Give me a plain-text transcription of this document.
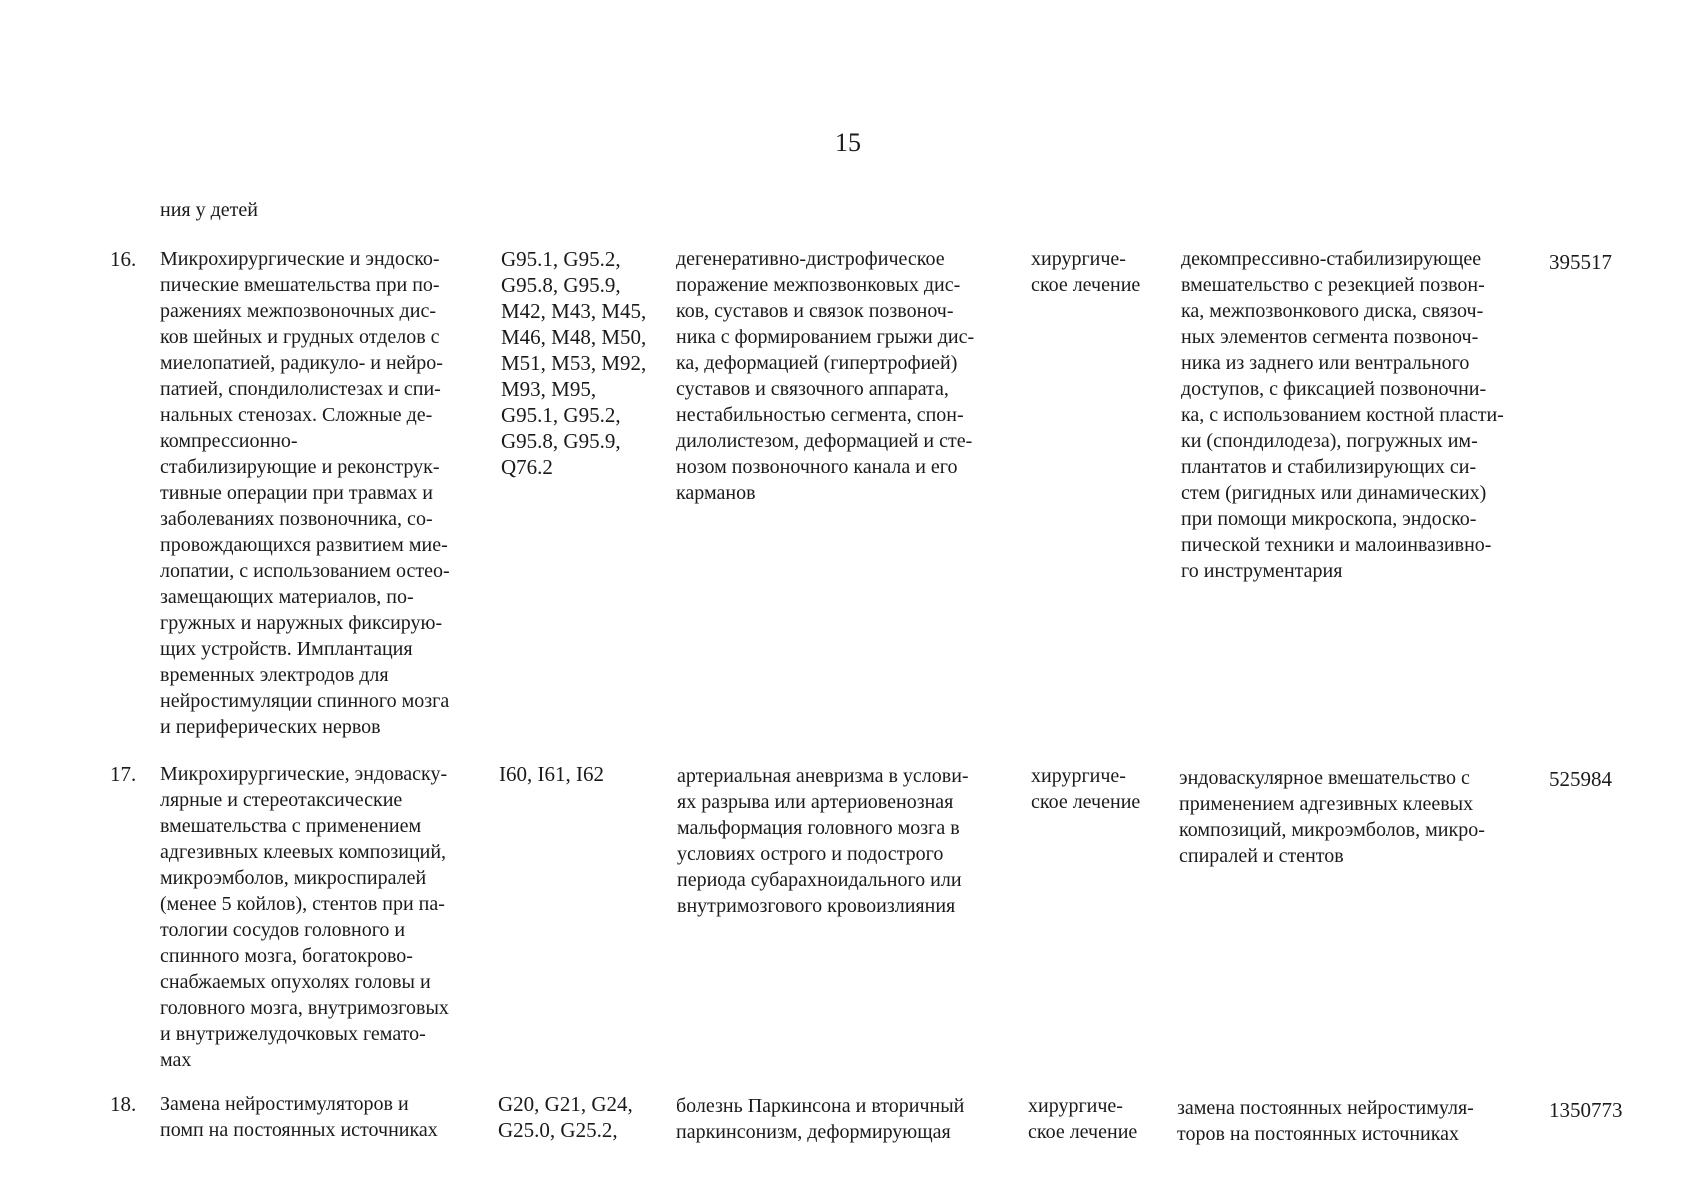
15
ния у детей
16. Микрохирургические и эндоско-
пические вмешательства при по-
ражениях межпозвоночных дис-
ков шейных и грудных отделов с
миелопатией, радикуло- и нейро-
патией, спондилолистезах и спи-
нальных стенозах. Сложные де-
компрессионно-
стабилизирующие и реконструк-
тивные операции при травмах и
заболеваниях позвоночника, со-
провождающихся развитием мие-
лопатии, с использованием остео-
замещающих материалов, по-
гружных и наружных фиксирую-
щих устройств. Имплантация
временных электродов для
нейростимуляции спинного мозга
и периферических нервов
G95.1, G95.2,
G95.8, G95.9,
M42, M43, M45,
M46, M48, M50,
M51, M53, M92,
M93, M95,
G95.1, G95.2,
G95.8, G95.9,
Q76.2
дегенеративно-дистрофическое
поражение межпозвонковых дис-
ков, суставов и связок позвоноч-
ника с формированием грыжи дис-
ка, деформацией (гипертрофией)
суставов и связочного аппарата,
нестабильностью сегмента, спон-
дилолистезом, деформацией и сте-
нозом позвоночного канала и его
карманов
хирургиче-
ское лечение
декомпрессивно-стабилизирующее
вмешательство с резекцией позвон-
ка, межпозвонкового диска, связоч-
ных элементов сегмента позвоноч-
ника из заднего или вентрального
доступов, с фиксацией позвоночни-
ка, с использованием костной пласти-
ки (спондилодеза), погружных им-
плантатов и стабилизирующих си-
стем (ригидных или динамических)
при помощи микроскопа, эндоско-
пической техники и малоинвазивно-
го инструментария
395517
17. Микрохирургические, эндоваску-
лярные и стереотаксические
вмешательства с применением
адгезивных клеевых композиций,
микроэмболов, микроспиралей
(менее 5 койлов), стентов при па-
тологии сосудов головного и
спинного мозга, богатокрово-
снабжаемых опухолях головы и
головного мозга, внутримозговых
и внутрижелудочковых гемато-
мах
I60, I61, I62	артериальная аневризма в услови-
ях разрыва или артериовенозная
мальформация головного мозга в
условиях острого и подострого
периода субарахноидального или
внутримозгового кровоизлияния
хирургиче-
ское лечение
эндоваскулярное вмешательство с
применением адгезивных клеевых
композиций, микроэмболов, микро-
спиралей и стентов
525984
18. Замена нейростимуляторов и
помп на постоянных источниках
G20, G21, G24,
G25.0, G25.2,
болезнь Паркинсона и вторичный
паркинсонизм, деформирующая
хирургиче-
ское лечение
замена постоянных нейростимуля-
торов на постоянных источниках
1350773
